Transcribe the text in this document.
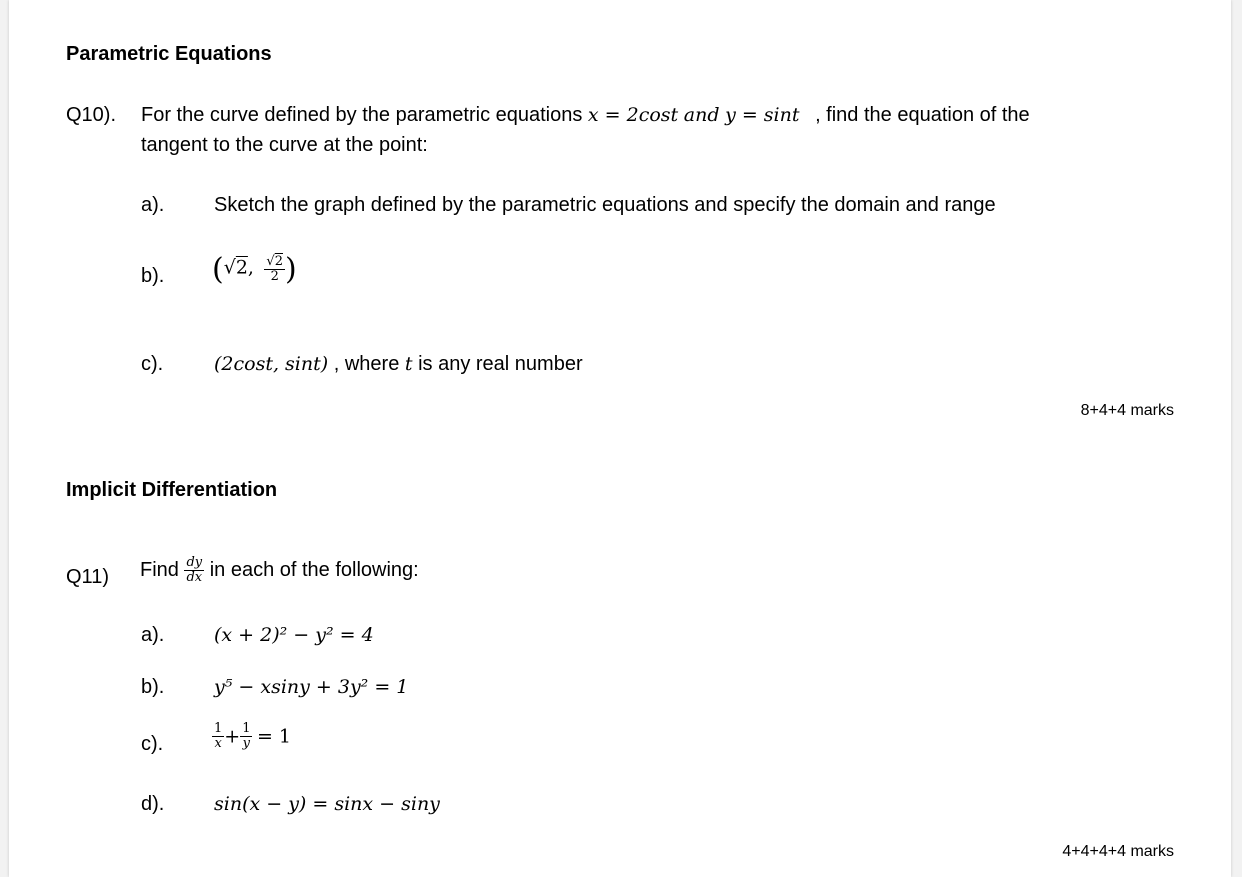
Parametric Equations
Q10). For the curve defined by the parametric equations x = 2cost and y = sint , find the equation of the
tangent to the curve at the point:
a). Sketch the graph defined by the parametric equations and specify the domain and range
b). (√2, $\frac{√2}{2}$ )
c).	(2cost, sint) , where t is any real number
8+4+4 marks
Implicit Differentiation
Q11) Find $\frac{dy}{dx}$ in each of the following:
a).	(x + 2)² − y² = 4
b).	y⁵ − xsiny + 3y² = 1
c).	$\frac{1}{x} + \frac{1}{y} = 1$
d).	sin(x − y) = sinx − siny
4+4+4+4 marks
